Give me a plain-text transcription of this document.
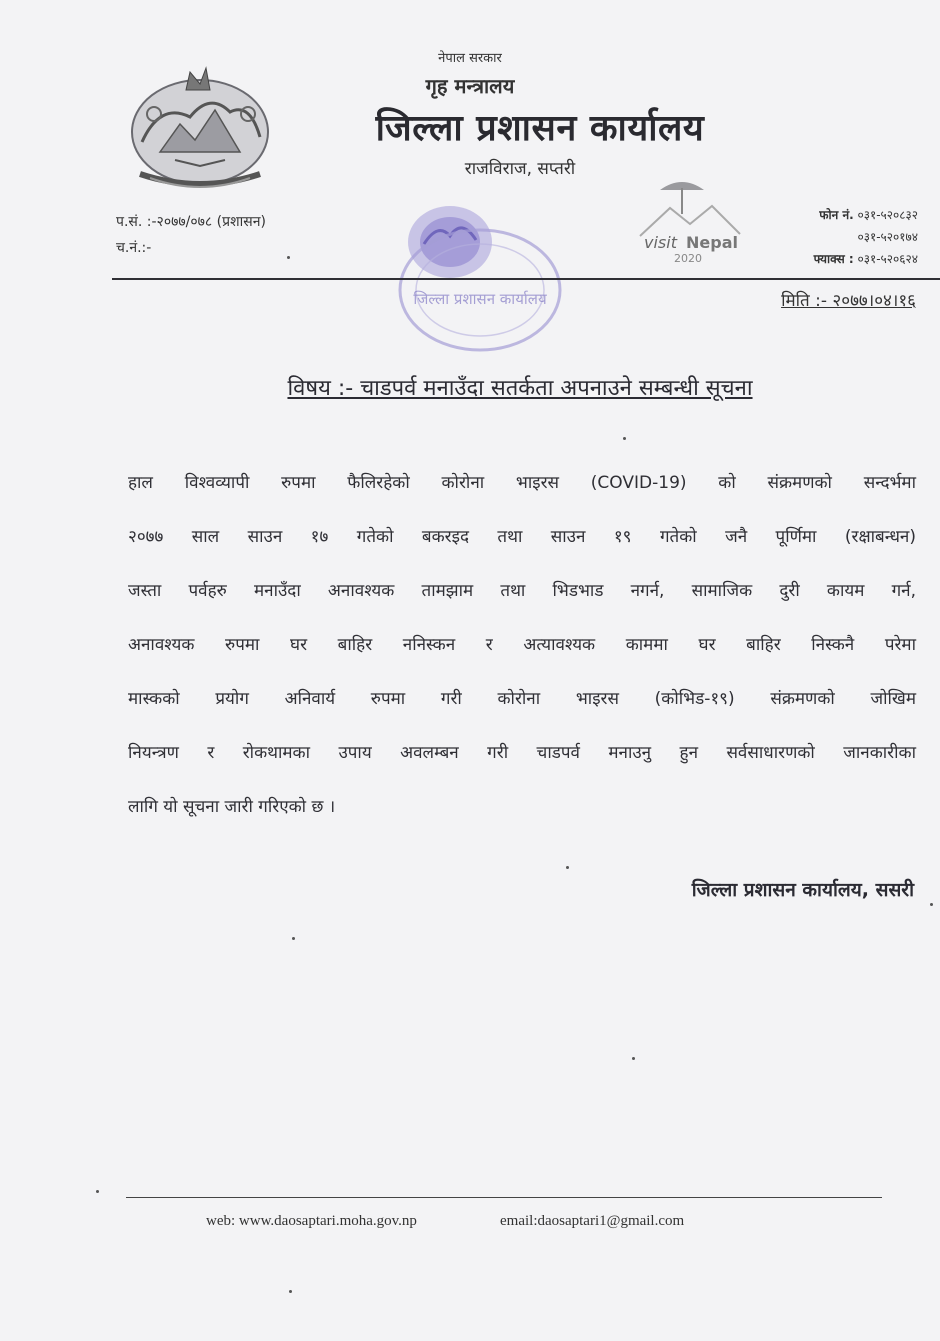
नेपाल सरकार
गृह मन्त्रालय
जिल्ला प्रशासन कार्यालय
राजविराज, सप्तरी
प.सं. :-२०७७/०७८ (प्रशासन)
च.नं.:-
जिल्ला प्रशासन कार्यालय
visit Nepal
2020
फोन नं. ०३१-५२०८३२
०३१-५२०१७४
फ्याक्स : ०३१-५२०६२४
मिति :- २०७७।०४।१६
विषय :- चाडपर्व मनाउँदा सतर्कता अपनाउने सम्बन्धी सूचना
हाल विश्वव्यापी रुपमा फैलिरहेको कोरोना भाइरस (COVID-19) को संक्रमणको सन्दर्भमा
२०७७ साल साउन १७ गतेको बकरइद तथा साउन १९ गतेको जनै पूर्णिमा (रक्षाबन्धन)
जस्ता पर्वहरु मनाउँदा अनावश्यक तामझाम तथा भिडभाड नगर्न, सामाजिक दुरी कायम गर्न,
अनावश्यक रुपमा घर बाहिर ननिस्कन र अत्यावश्यक काममा घर बाहिर निस्कनै परेमा
मास्कको प्रयोग अनिवार्य रुपमा गरी कोरोना भाइरस (कोभिड-१९) संक्रमणको जोखिम
नियन्त्रण र रोकथामका उपाय अवलम्बन गरी चाडपर्व मनाउनु हुन सर्वसाधारणको जानकारीका
लागि यो सूचना जारी गरिएको छ ।
जिल्ला प्रशासन कार्यालय, ससरी
web: www.daosaptari.moha.gov.np	email:daosaptari1@gmail.com
